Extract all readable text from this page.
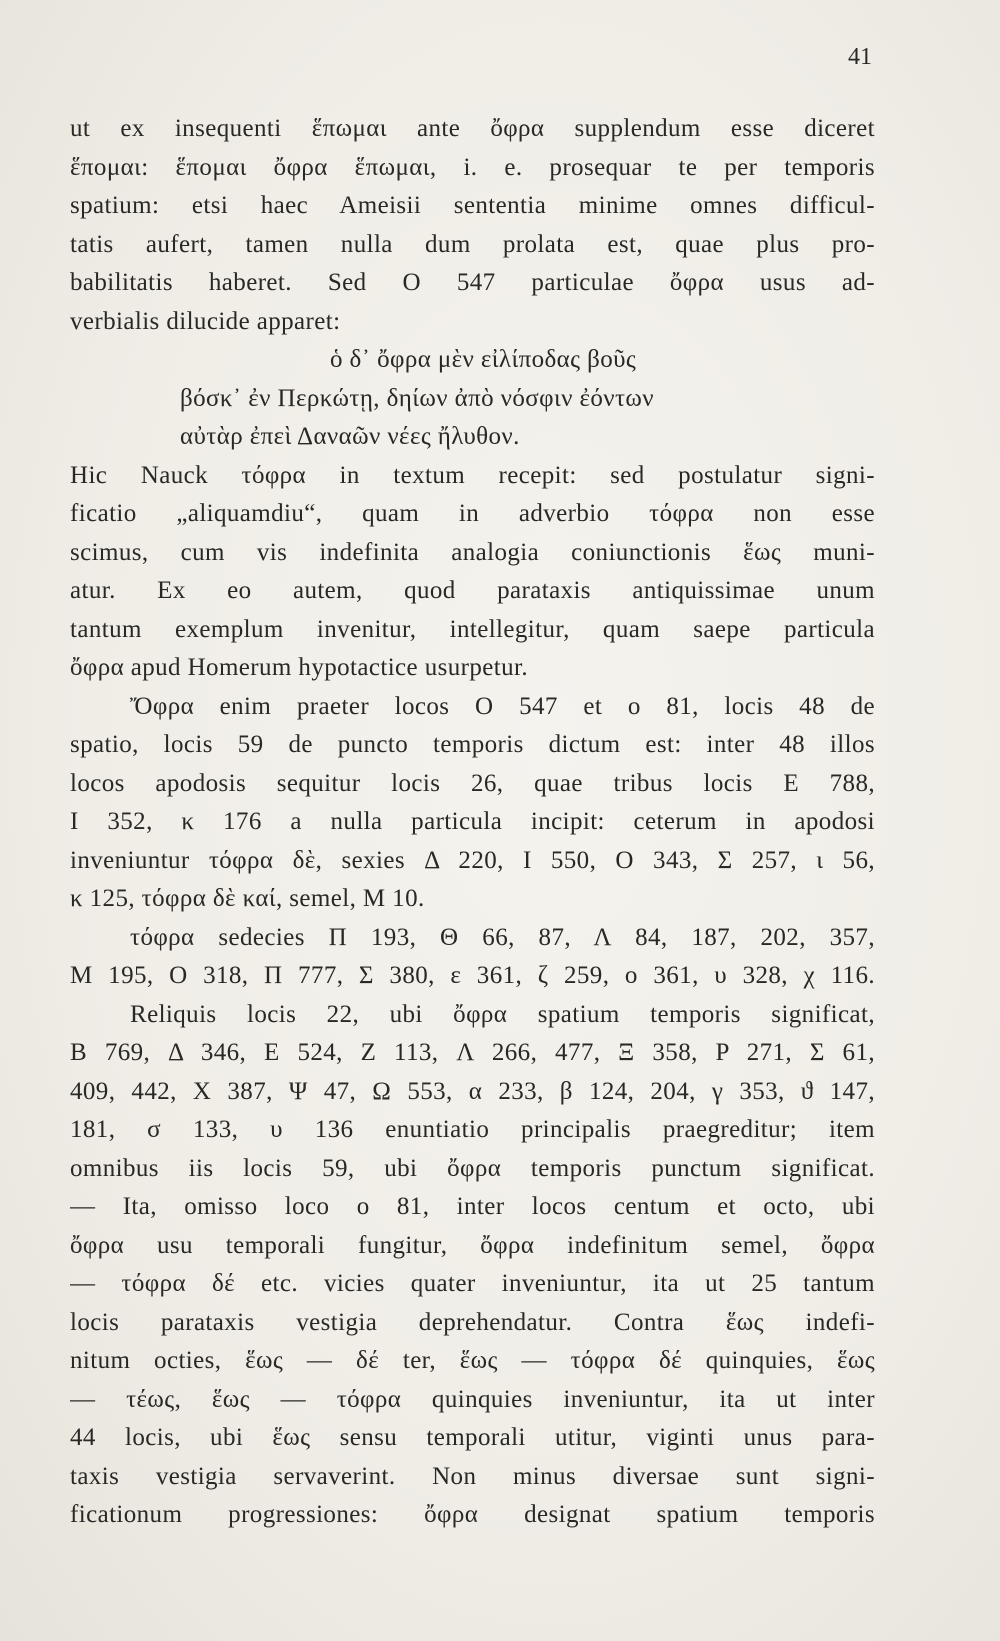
41
ut ex insequenti ἕπωμαι ante ὄφρα supplendum esse diceret
ἕπομαι: ἕπομαι ὄφρα ἕπωμαι, i. e. prosequar te per temporis
spatium: etsi haec Ameisii sententia minime omnes difficul-
tatis aufert, tamen nulla dum prolata est, quae plus pro-
babilitatis haberet. Sed O 547 particulae ὄφρα usus ad-
verbialis dilucide apparet:
ὁ δ᾽ ὄφρα μὲν εἰλίποδας βοῦς
βόσκ᾽ ἐν Περκώτῃ, δηίων ἀπὸ νόσφιν ἐόντων
αὐτὰρ ἐπεὶ Δαναῶν νέες ἤλυθον.
Hic Nauck τόφρα in textum recepit: sed postulatur signi-
ficatio „aliquamdiu“, quam in adverbio τόφρα non esse
scimus, cum vis indefinita analogia coniunctionis ἕως muni-
atur. Ex eo autem, quod parataxis antiquissimae unum
tantum exemplum invenitur, intellegitur, quam saepe particula
ὄφρα apud Homerum hypotactice usurpetur.
Ὄφρα enim praeter locos O 547 et o 81, locis 48 de
spatio, locis 59 de puncto temporis dictum est: inter 48 illos
locos apodosis sequitur locis 26, quae tribus locis E 788,
I 352, κ 176 a nulla particula incipit: ceterum in apodosi
inveniuntur τόφρα δὲ, sexies Δ 220, I 550, O 343, Σ 257, ι 56,
κ 125, τόφρα δὲ καί, semel, M 10.
τόφρα sedecies Π 193, Θ 66, 87, Λ 84, 187, 202, 357,
M 195, O 318, Π 777, Σ 380, ε 361, ζ 259, ο 361, υ 328, χ 116.
Reliquis locis 22, ubi ὄφρα spatium temporis significat,
B 769, Δ 346, E 524, Z 113, Λ 266, 477, Ξ 358, P 271, Σ 61,
409, 442, X 387, Ψ 47, Ω 553, α 233, β 124, 204, γ 353, ϑ 147,
181, σ 133, υ 136 enuntiatio principalis praegreditur; item
omnibus iis locis 59, ubi ὄφρα temporis punctum significat.
— Ita, omisso loco o 81, inter locos centum et octo, ubi
ὄφρα usu temporali fungitur, ὄφρα indefinitum semel, ὄφρα
— τόφρα δέ etc. vicies quater inveniuntur, ita ut 25 tantum
locis parataxis vestigia deprehendatur. Contra ἕως indefi-
nitum octies, ἕως — δέ ter, ἕως — τόφρα δέ quinquies, ἕως
— τέως, ἕως — τόφρα quinquies inveniuntur, ita ut inter
44 locis, ubi ἕως sensu temporali utitur, viginti unus para-
taxis vestigia servaverint. Non minus diversae sunt signi-
ficationum progressiones: ὄφρα designat spatium temporis
